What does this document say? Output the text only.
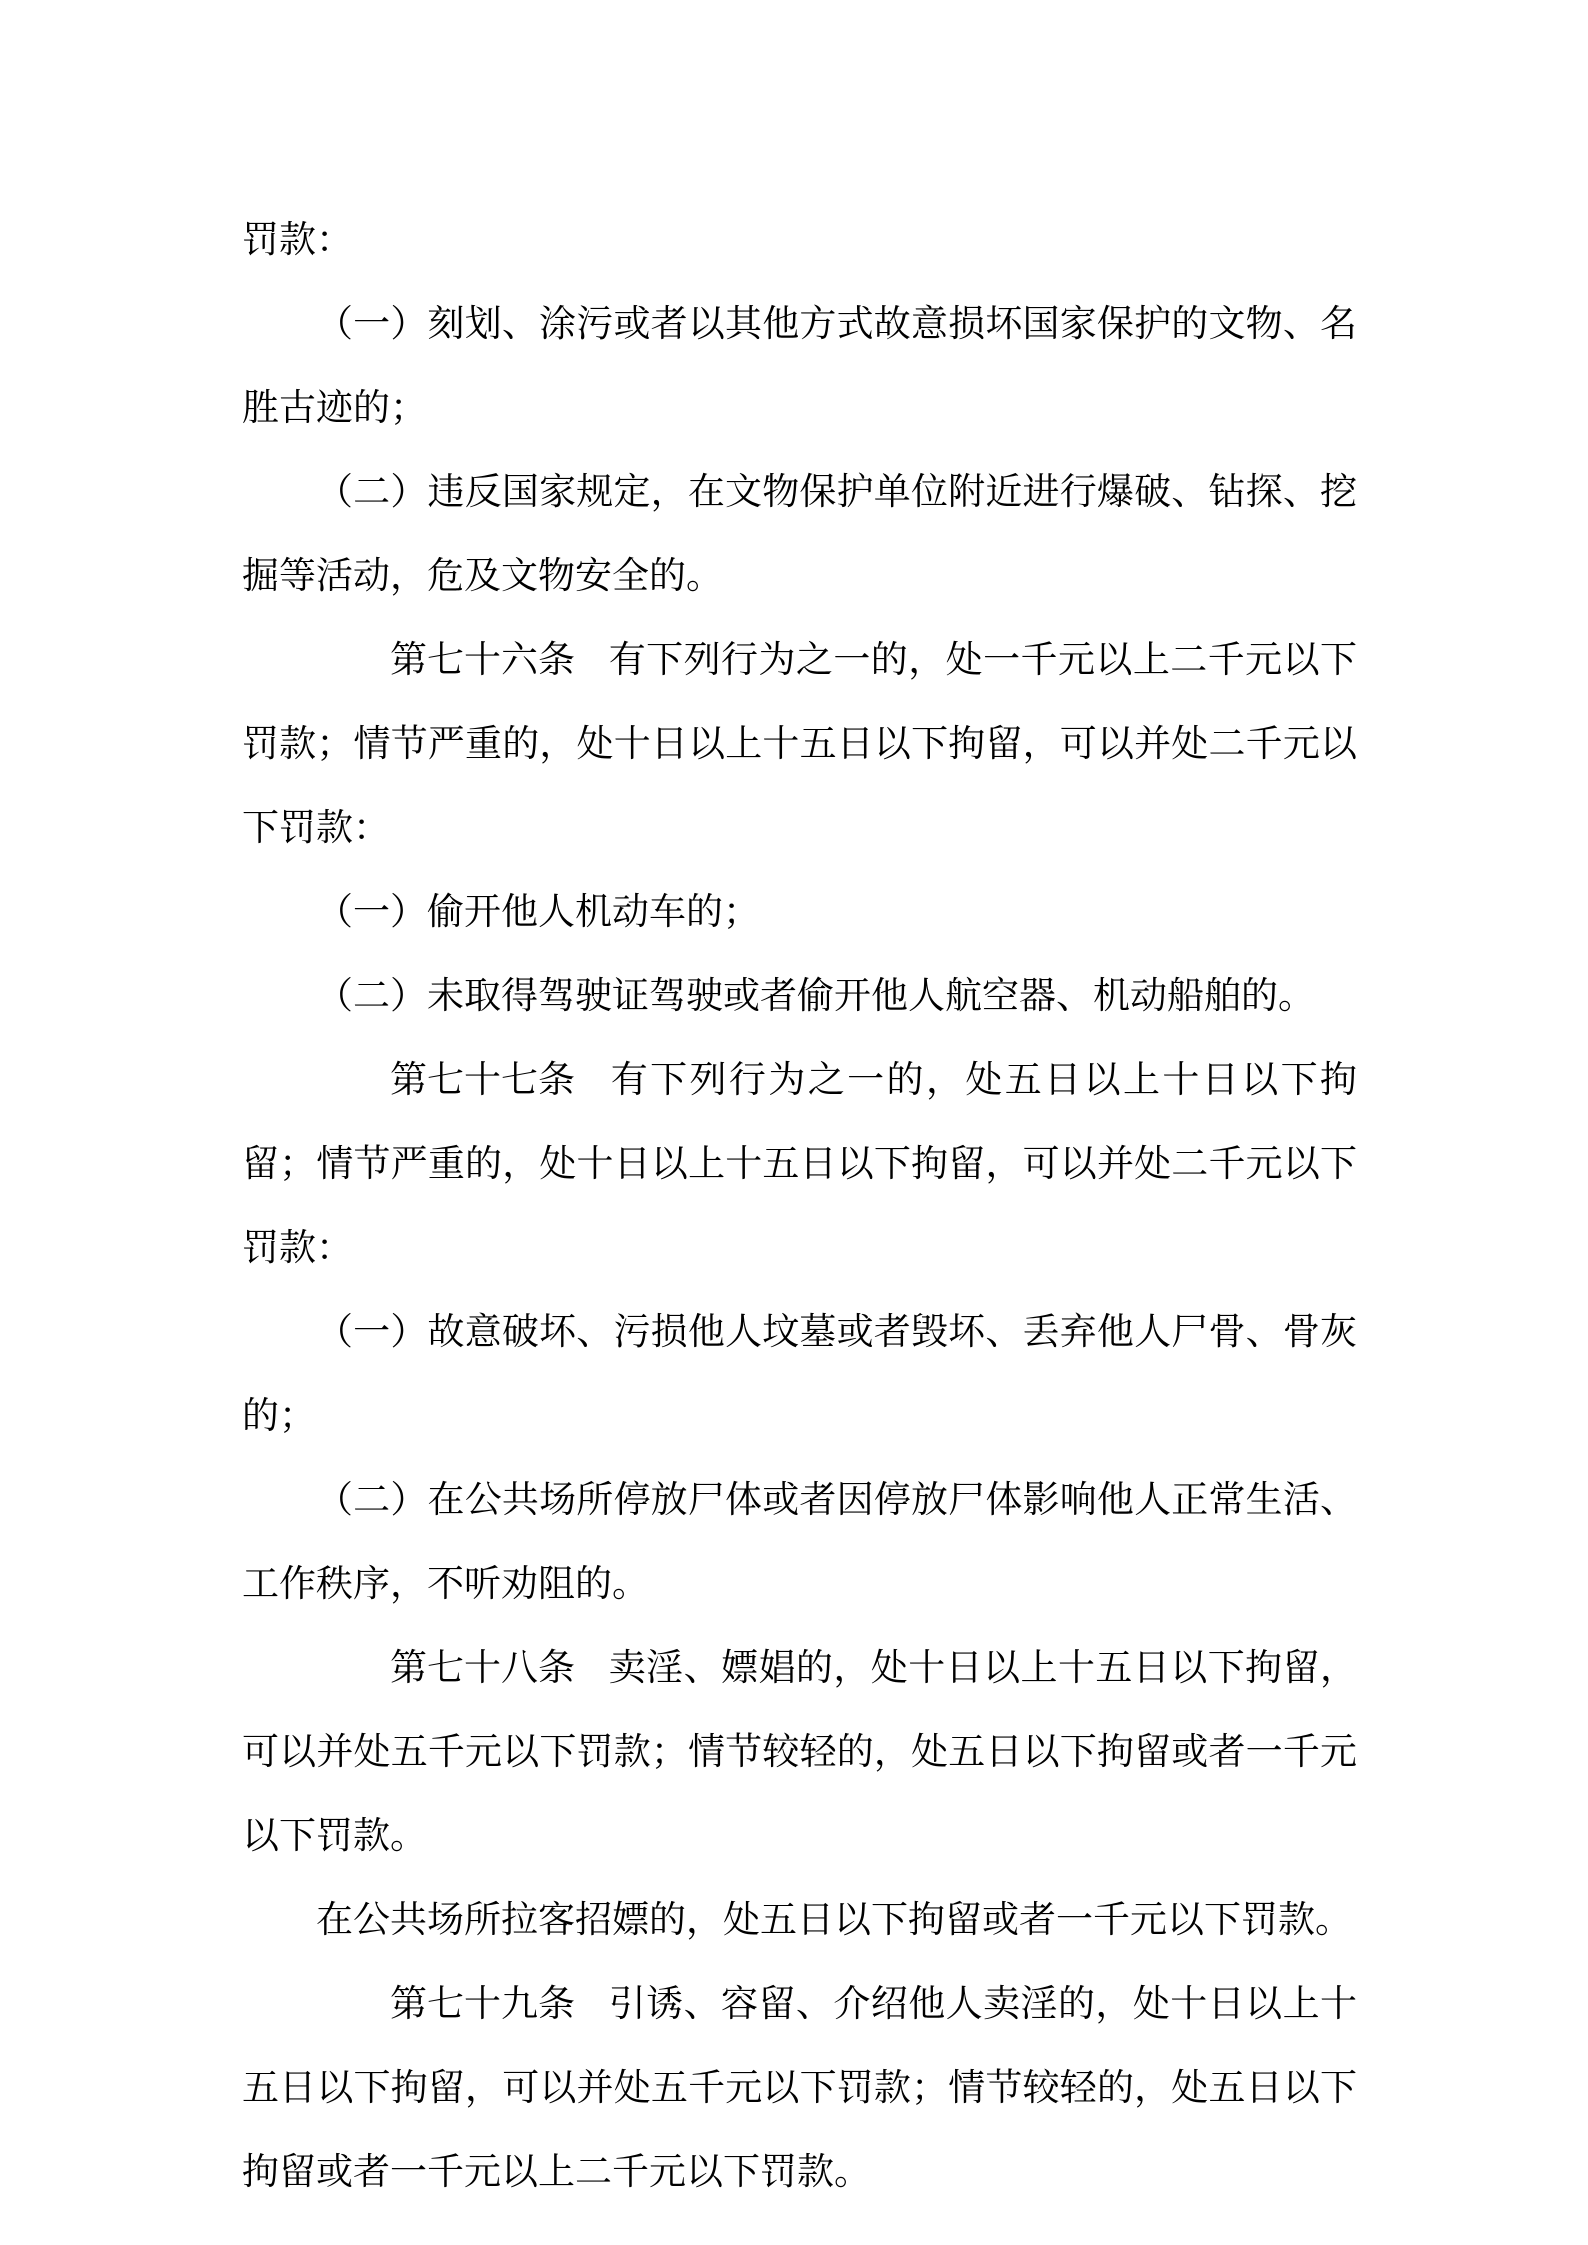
罚款：

（一）刻划、涂污或者以其他方式故意损坏国家保护的文物、名胜古迹的；

（二）违反国家规定，在文物保护单位附近进行爆破、钻探、挖掘等活动，危及文物安全的。

第七十六条 有下列行为之一的，处一千元以上二千元以下罚款；情节严重的，处十日以上十五日以下拘留，可以并处二千元以下罚款：

（一）偷开他人机动车的；

（二）未取得驾驶证驾驶或者偷开他人航空器、机动船舶的。

第七十七条 有下列行为之一的，处五日以上十日以下拘留；情节严重的，处十日以上十五日以下拘留，可以并处二千元以下罚款：

（一）故意破坏、污损他人坟墓或者毁坏、丢弃他人尸骨、骨灰的；

（二）在公共场所停放尸体或者因停放尸体影响他人正常生活、工作秩序，不听劝阻的。

第七十八条 卖淫、嫖娼的，处十日以上十五日以下拘留，可以并处五千元以下罚款；情节较轻的，处五日以下拘留或者一千元以下罚款。

在公共场所拉客招嫖的，处五日以下拘留或者一千元以下罚款。

第七十九条 引诱、容留、介绍他人卖淫的，处十日以上十五日以下拘留，可以并处五千元以下罚款；情节较轻的，处五日以下拘留或者一千元以上二千元以下罚款。
